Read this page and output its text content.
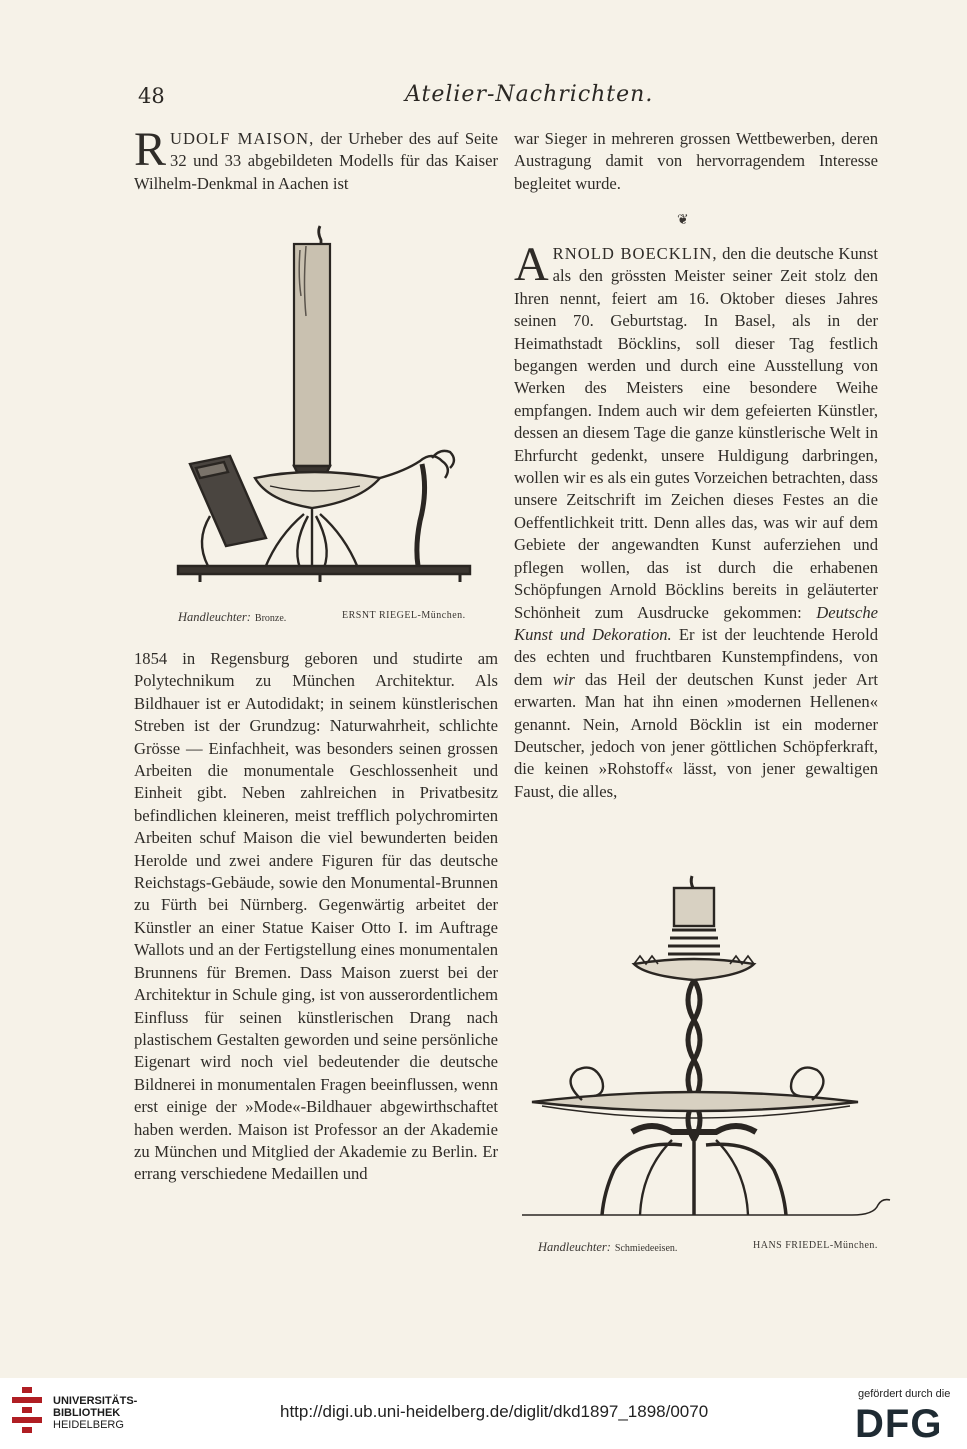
48	Atelier-Nachrichten.

RUDOLF MAISON, der Urheber des auf Seite 32 und 33 abgebildeten Modells für das Kaiser Wilhelm-Denkmal in Aachen ist

Handleuchter: Bronze.	ERSNT RIEGEL-München.

1854 in Regensburg geboren und studirte am Polytechnikum zu München Architektur. Als Bildhauer ist er Autodidakt; in seinem künstlerischen Streben ist der Grundzug: Naturwahrheit, schlichte Grösse — Einfachheit, was besonders seinen grossen Arbeiten die monumentale Geschlossenheit und Einheit gibt. Neben zahlreichen in Privatbesitz befindlichen kleineren, meist trefflich polychromirten Arbeiten schuf Maison die viel bewunderten beiden Herolde und zwei andere Figuren für das deutsche Reichstags-Gebäude, sowie den Monumental-Brunnen zu Fürth bei Nürnberg. Gegenwärtig arbeitet der Künstler an einer Statue Kaiser Otto I. im Auftrage Wallots und an der Fertigstellung eines monumentalen Brunnens für Bremen. Dass Maison zuerst bei der Architektur in Schule ging, ist von ausserordentlichem Einfluss für seinen künstlerischen Drang nach plastischem Gestalten geworden und seine persönliche Eigenart wird noch viel bedeutender die deutsche Bildnerei in monumentalen Fragen beeinflussen, wenn erst einige der »Mode«-Bildhauer abgewirthschaftet haben werden. Maison ist Professor an der Akademie zu München und Mitglied der Akademie zu Berlin. Er errang verschiedene Medaillen und

war Sieger in mehreren grossen Wettbewerben, deren Austragung damit von hervorragendem Interesse begleitet wurde.

❦

ARNOLD BOECKLIN, den die deutsche Kunst als den grössten Meister seiner Zeit stolz den Ihren nennt, feiert am 16. Oktober dieses Jahres seinen 70. Geburtstag. In Basel, als in der Heimathstadt Böcklins, soll dieser Tag festlich begangen werden und durch eine Ausstellung von Werken des Meisters eine besondere Weihe empfangen. Indem auch wir dem gefeierten Künstler, dessen an diesem Tage die ganze künstlerische Welt in Ehrfurcht gedenkt, unsere Huldigung darbringen, wollen wir es als ein gutes Vorzeichen betrachten, dass unsere Zeitschrift im Zeichen dieses Festes an die Oeffentlichkeit tritt. Denn alles das, was wir auf dem Gebiete der angewandten Kunst auferziehen und pflegen wollen, das ist durch die erhabenen Schöpfungen Arnold Böcklins bereits in geläuterter Schönheit zum Ausdrucke gekommen: Deutsche Kunst und Dekoration. Er ist der leuchtende Herold des echten und fruchtbaren Kunstempfindens, von dem wir das Heil der deutschen Kunst jeder Art erwarten. Man hat ihn einen »modernen Hellenen« genannt. Nein, Arnold Böcklin ist ein moderner Deutscher, jedoch von jener göttlichen Schöpferkraft, die keinen »Rohstoff« lässt, von jener gewaltigen Faust, die alles,

Handleuchter: Schmiedeeisen.	HANS FRIEDEL-München.
UNIVERSITÄTS-
BIBLIOTHEK
HEIDELBERG
http://digi.ub.uni-heidelberg.de/diglit/dkd1897_1898/0070
gefördert durch die
DFG
